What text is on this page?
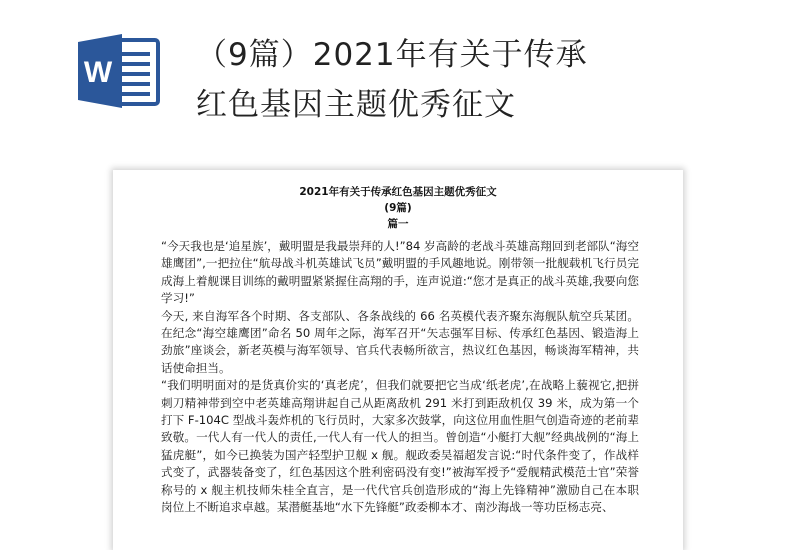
W	（9篇）2021年有关于传承
红色基因主题优秀征文
2021年有关于传承红色基因主题优秀征文
(9篇)
篇一

“今天我也是‘追星族’，戴明盟是我最崇拜的人!”84 岁高龄的老战斗英雄高翔回到老部队“海空雄鹰团”,一把拉住“航母战斗机英雄试飞员”戴明盟的手风趣地说。刚带领一批舰载机飞行员完成海上着舰课目训练的戴明盟紧紧握住高翔的手，连声说道:“您才是真正的战斗英雄,我要向您学习!”

今天, 来自海军各个时期、各支部队、各条战线的 66 名英模代表齐聚东海舰队航空兵某团。在纪念“海空雄鹰团”命名 50 周年之际，海军召开“矢志强军目标、传承红色基因、锻造海上劲旅”座谈会，新老英模与海军领导、官兵代表畅所欲言，热议红色基因，畅谈海军精神，共话使命担当。

“我们明明面对的是货真价实的‘真老虎’，但我们就要把它当成‘纸老虎’,在战略上藐视它,把拼刺刀精神带到空中老英雄高翔讲起自己从距离敌机 291 米打到距敌机仅 39 米，成为第一个打下 F-104C 型战斗轰炸机的飞行员时，大家多次鼓掌，向这位用血性胆气创造奇迹的老前辈致敬。一代人有一代人的责任,一代人有一代人的担当。曾创造“小艇打大舰”经典战例的“海上猛虎艇”，如今已换装为国产轻型护卫舰 x 舰。舰政委吴福超发言说:“时代条件变了，作战样式变了，武器装备变了，红色基因这个胜利密码没有变!”被海军授予“爱舰精武模范士官”荣誉称号的 x 舰主机技师朱桂全直言，是一代代官兵创造形成的“海上先锋精神”激励自己在本职岗位上不断追求卓越。某潜艇基地“水下先锋艇”政委柳本才、南沙海战一等功臣杨志亮、
